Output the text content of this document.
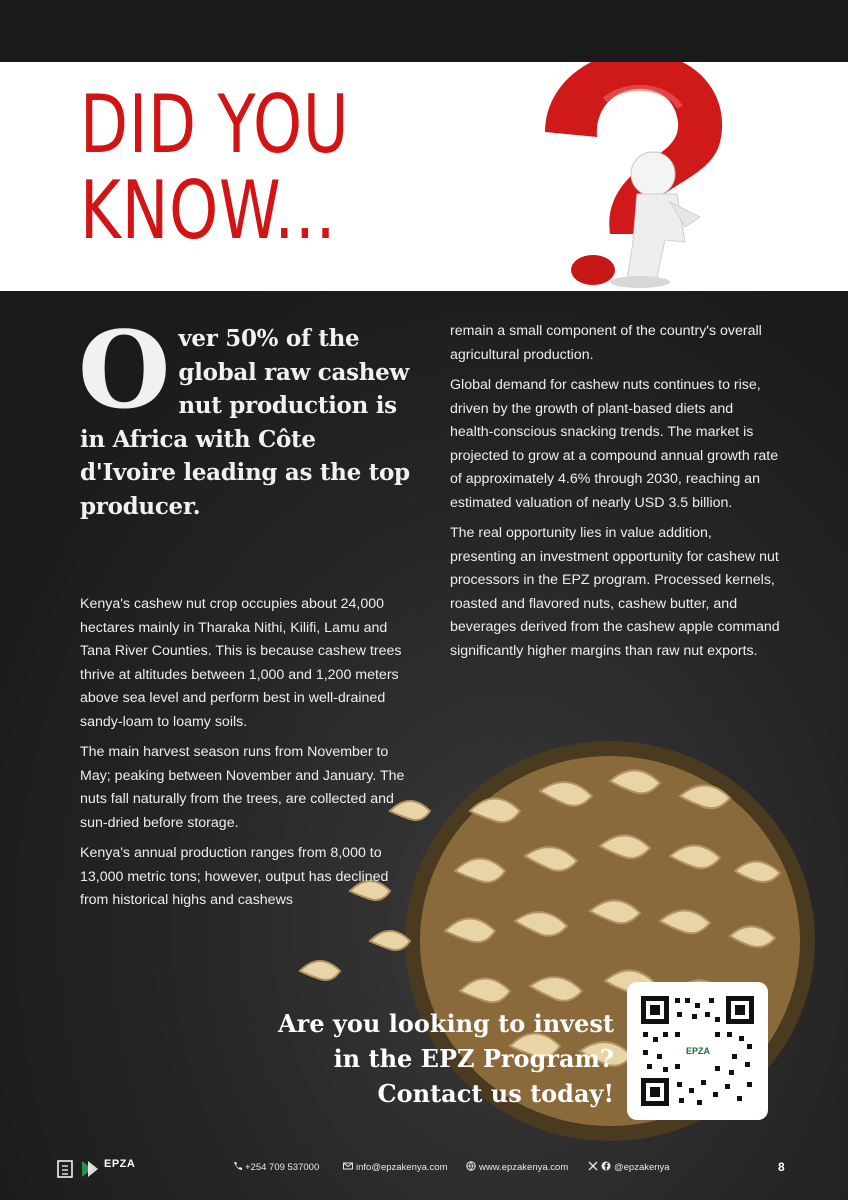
DID YOU
KNOW...
O ver 50% of the global raw cashew nut production is in Africa with Côte d'Ivoire leading as the top producer.

Kenya's cashew nut crop occupies about 24,000 hectares mainly in Tharaka Nithi, Kilifi, Lamu and Tana River Counties. This is because cashew trees thrive at altitudes between 1,000 and 1,200 meters above sea level and perform best in well-drained sandy-loam to loamy soils.

The main harvest season runs from November to May; peaking between November and January. The nuts fall naturally from the trees, are collected and sun-dried before storage.

Kenya's annual production ranges from 8,000 to 13,000 metric tons; however, output has declined from historical highs and cashews

remain a small component of the country's overall agricultural production.

Global demand for cashew nuts continues to rise, driven by the growth of plant-based diets and health-conscious snacking trends. The market is projected to grow at a compound annual growth rate of approximately 4.6% through 2030, reaching an estimated valuation of nearly USD 3.5 billion.

The real opportunity lies in value addition, presenting an investment opportunity for cashew nut processors in the EPZ program. Processed kernels, roasted and flavored nuts, cashew butter, and beverages derived from the cashew apple command significantly higher margins than raw nut exports.

Are you looking to invest
in the EPZ Program?
Contact us today!
EPZA
EPZA	+254 709 537000	info@epzakenya.com	www.epzakenya.com	@epzakenya	8
